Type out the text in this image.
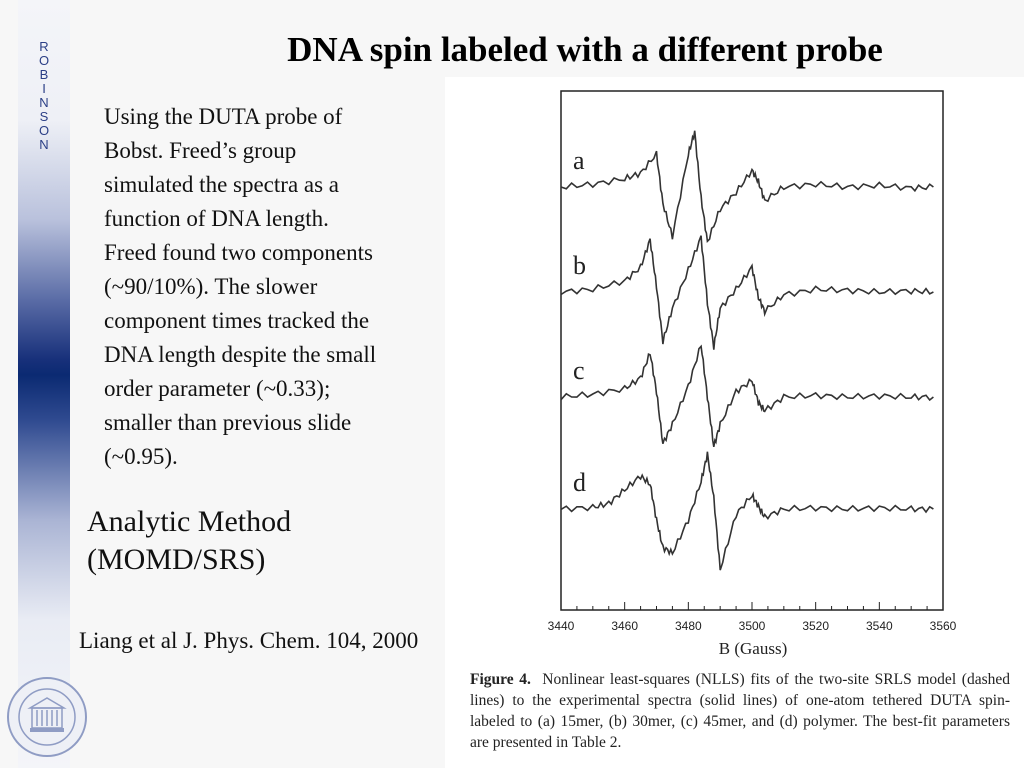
R
O
B
I
N
S
O
N
DNA spin labeled with a different probe
Using the DUTA probe of
Bobst. Freed’s group
simulated the spectra as a
function of DNA length.
Freed found two components
(~90/10%). The slower
component times tracked the
DNA length despite the small
order parameter (~0.33);
smaller than previous slide
(~0.95).
Analytic Method
(MOMD/SRS)
Liang et al J. Phys. Chem. 104, 2000
3440	3460	3480	3500	3520	3540	3560
a
b
c
d
B (Gauss)
Figure 4. Nonlinear least-squares (NLLS) fits of the two-site SRLS model (dashed lines) to the experimental spectra (solid lines) of one-atom tethered DUTA spin-labeled to (a) 15mer, (b) 30mer, (c) 45mer, and (d) polymer. The best-fit parameters are presented in Table 2.
